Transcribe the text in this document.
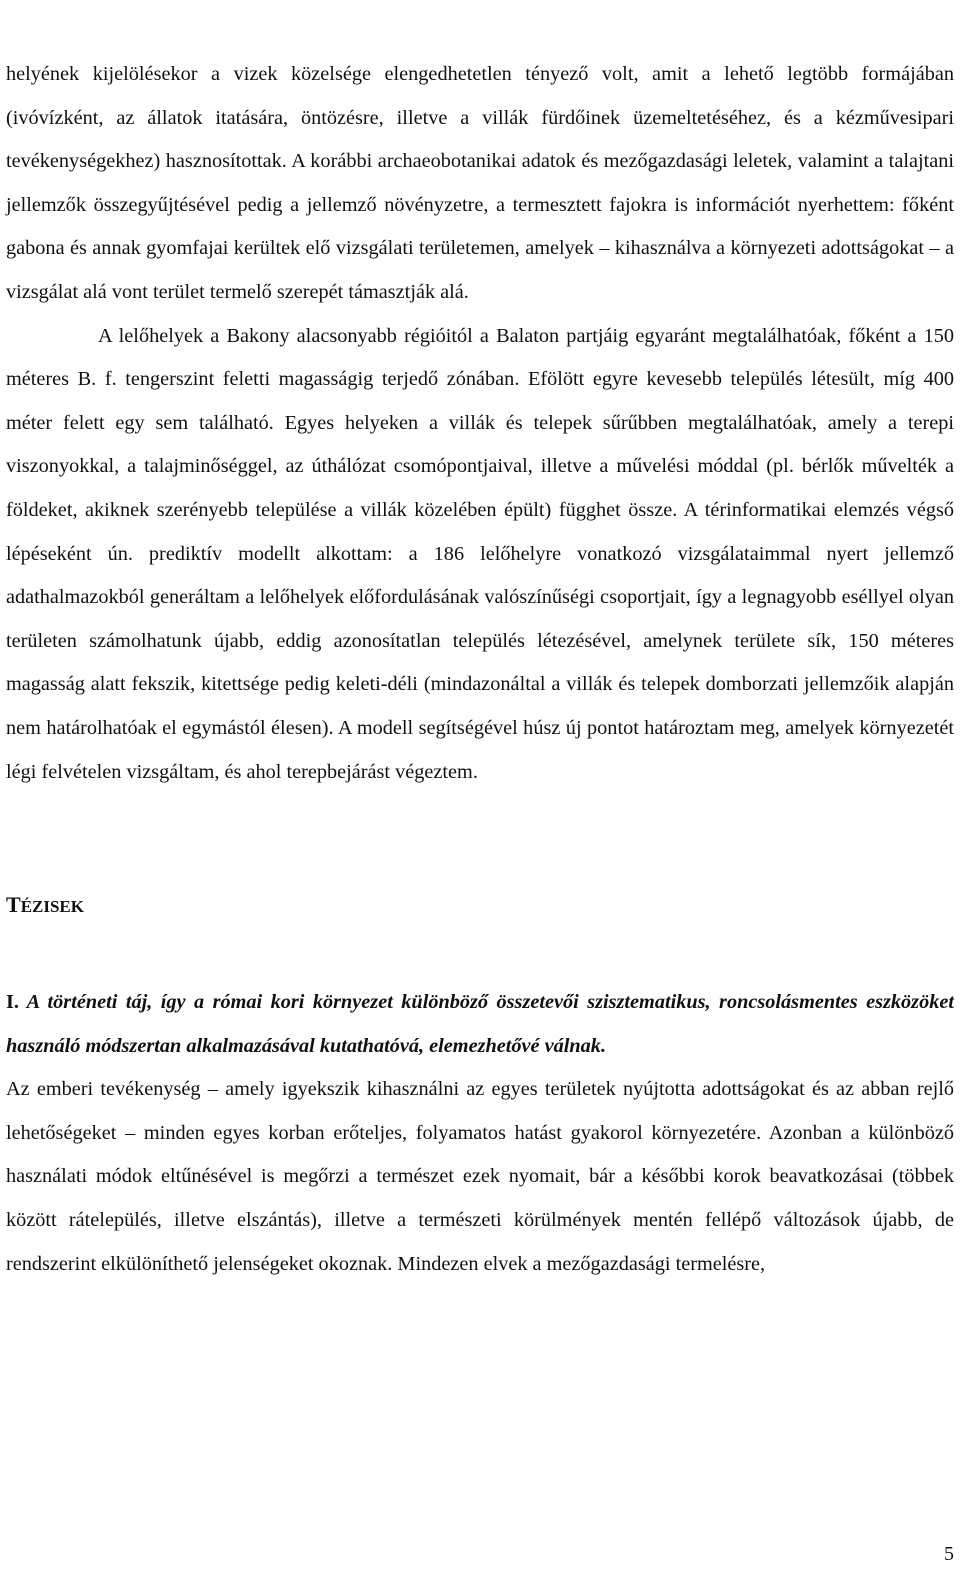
helyének kijelölésekor a vizek közelsége elengedhetetlen tényező volt, amit a lehető legtöbb formájában (ivóvízként, az állatok itatására, öntözésre, illetve a villák fürdőinek üzemeltetéséhez, és a kézművesipari tevékenységekhez) hasznosítottak. A korábbi archaeobotanikai adatok és mezőgazdasági leletek, valamint a talajtani jellemzők összegyűjtésével pedig a jellemző növényzetre, a termesztett fajokra is információt nyerhettem: főként gabona és annak gyomfajai kerültek elő vizsgálati területemen, amelyek – kihasználva a környezeti adottságokat – a vizsgálat alá vont terület termelő szerepét támasztják alá.

A lelőhelyek a Bakony alacsonyabb régióitól a Balaton partjáig egyaránt megtalálhatóak, főként a 150 méteres B. f. tengerszint feletti magasságig terjedő zónában. Efölött egyre kevesebb település létesült, míg 400 méter felett egy sem található. Egyes helyeken a villák és telepek sűrűbben megtalálhatóak, amely a terepi viszonyokkal, a talajminőséggel, az úthálózat csomópontjaival, illetve a művelési móddal (pl. bérlők művelték a földeket, akiknek szerényebb települése a villák közelében épült) függhet össze. A térinformatikai elemzés végső lépéseként ún. prediktív modellt alkottam: a 186 lelőhelyre vonatkozó vizsgálataimmal nyert jellemző adathalmazokból generáltam a lelőhelyek előfordulásának valószínűségi csoportjait, így a legnagyobb eséllyel olyan területen számolhatunk újabb, eddig azonosítatlan település létezésével, amelynek területe sík, 150 méteres magasság alatt fekszik, kitettsége pedig keleti-déli (mindazonáltal a villák és telepek domborzati jellemzőik alapján nem határolhatóak el egymástól élesen). A modell segítségével húsz új pontot határoztam meg, amelyek környezetét légi felvételen vizsgáltam, és ahol terepbejárást végeztem.

TÉZISEK

I. A történeti táj, így a római kori környezet különböző összetevői szisztematikus, roncsolásmentes eszközöket használó módszertan alkalmazásával kutathatóvá, elemezhetővé válnak.

Az emberi tevékenység – amely igyekszik kihasználni az egyes területek nyújtotta adottságokat és az abban rejlő lehetőségeket – minden egyes korban erőteljes, folyamatos hatást gyakorol környezetére. Azonban a különböző használati módok eltűnésével is megőrzi a természet ezek nyomait, bár a későbbi korok beavatkozásai (többek között rátelepülés, illetve elszántás), illetve a természeti körülmények mentén fellépő változások újabb, de rendszerint elkülöníthető jelenségeket okoznak. Mindezen elvek a mezőgazdasági termelésre,

5
